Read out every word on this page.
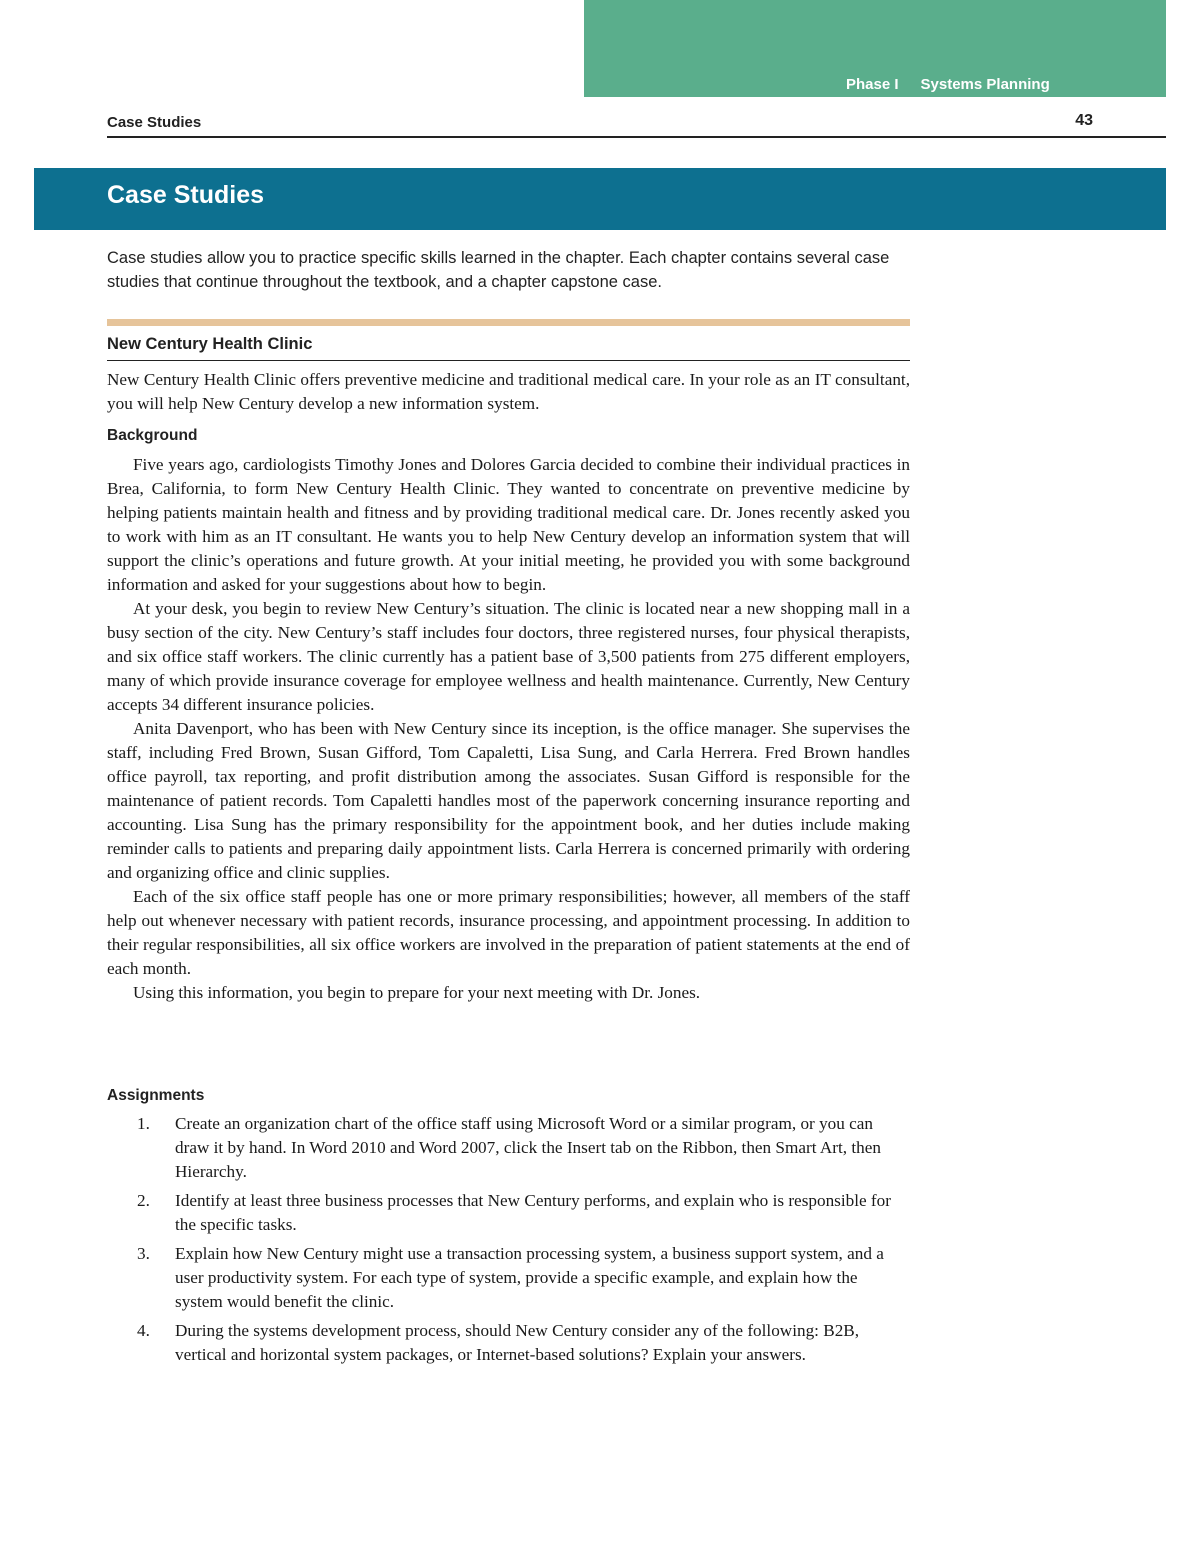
Phase I Systems Planning
Case Studies	43
Case Studies
Case studies allow you to practice specific skills learned in the chapter. Each chapter contains several case studies that continue throughout the textbook, and a chapter capstone case.
New Century Health Clinic
New Century Health Clinic offers preventive medicine and traditional medical care. In your role as an IT consultant, you will help New Century develop a new information system.
Background

Five years ago, cardiologists Timothy Jones and Dolores Garcia decided to combine their individual practices in Brea, California, to form New Century Health Clinic. They wanted to concentrate on preventive medicine by helping patients maintain health and fitness and by providing traditional medical care. Dr. Jones recently asked you to work with him as an IT consultant. He wants you to help New Century develop an information system that will support the clinic’s operations and future growth. At your initial meeting, he provided you with some background information and asked for your suggestions about how to begin.

At your desk, you begin to review New Century’s situation. The clinic is located near a new shopping mall in a busy section of the city. New Century’s staff includes four doctors, three registered nurses, four physical therapists, and six office staff workers. The clinic currently has a patient base of 3,500 patients from 275 different employers, many of which provide insurance coverage for employee wellness and health maintenance. Currently, New Century accepts 34 different insurance policies.

Anita Davenport, who has been with New Century since its inception, is the office manager. She supervises the staff, including Fred Brown, Susan Gifford, Tom Capaletti, Lisa Sung, and Carla Herrera. Fred Brown handles office payroll, tax reporting, and profit distribution among the associates. Susan Gifford is responsible for the maintenance of patient records. Tom Capaletti handles most of the paperwork concerning insurance reporting and accounting. Lisa Sung has the primary responsibility for the appointment book, and her duties include making reminder calls to patients and preparing daily appointment lists. Carla Herrera is concerned primarily with ordering and organizing office and clinic supplies.

Each of the six office staff people has one or more primary responsibilities; however, all members of the staff help out whenever necessary with patient records, insurance processing, and appointment processing. In addition to their regular responsibilities, all six office workers are involved in the preparation of patient statements at the end of each month.

Using this information, you begin to prepare for your next meeting with Dr. Jones.

Assignments
1. Create an organization chart of the office staff using Microsoft Word or a similar program, or you can draw it by hand. In Word 2010 and Word 2007, click the Insert tab on the Ribbon, then Smart Art, then Hierarchy.
2. Identify at least three business processes that New Century performs, and explain who is responsible for the specific tasks.
3. Explain how New Century might use a transaction processing system, a business support system, and a user productivity system. For each type of system, provide a specific example, and explain how the system would benefit the clinic.
4. During the systems development process, should New Century consider any of the following: B2B, vertical and horizontal system packages, or Internet-based solutions? Explain your answers.
